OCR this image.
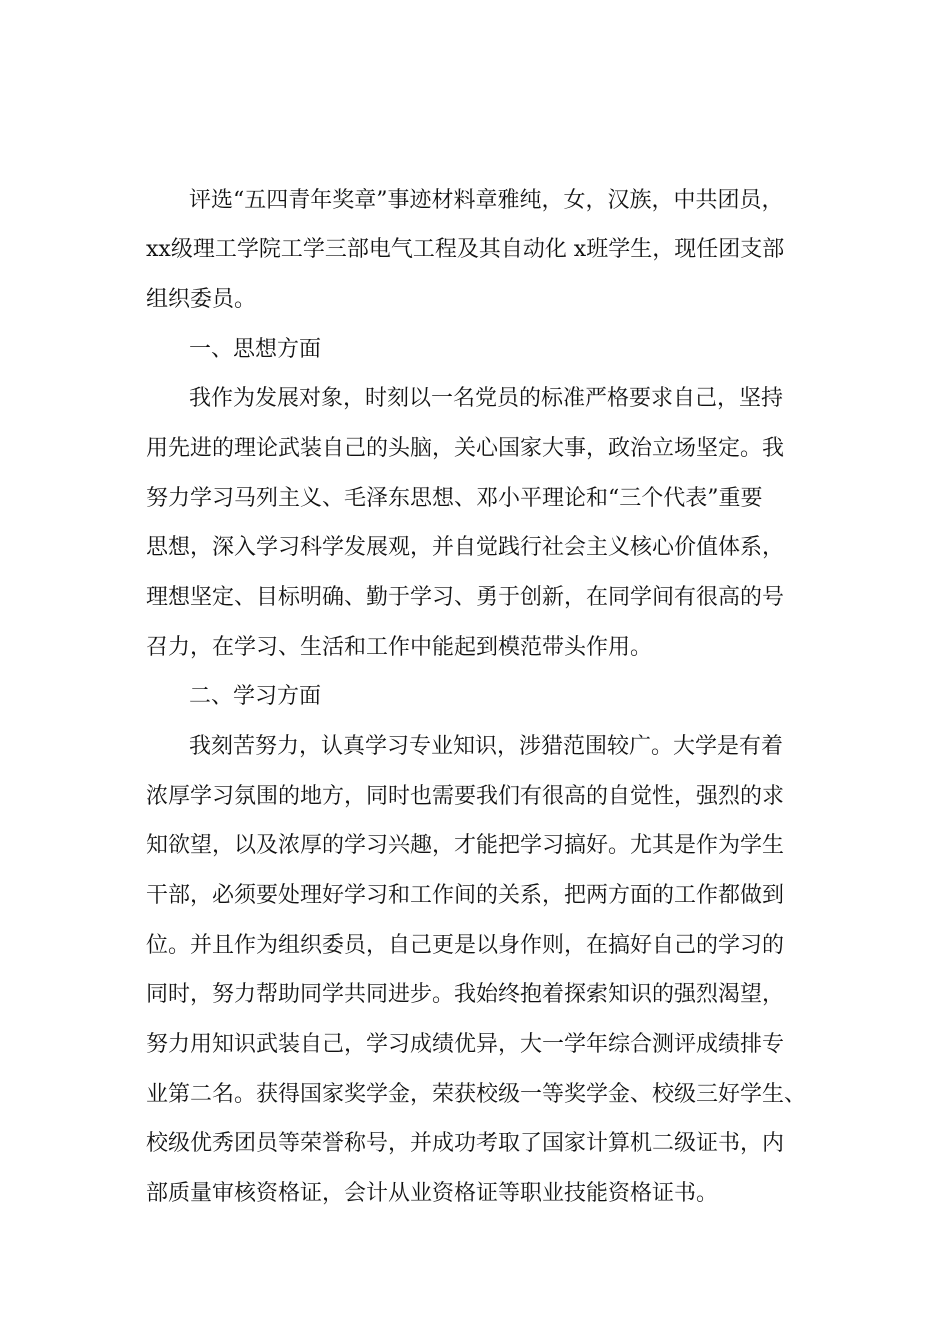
评选“五四青年奖章”事迹材料章雅纯，女，汉族，中共团员，
xx级理工学院工学三部电气工程及其自动化 x班学生，现任团支部
组织委员。
一、思想方面
我作为发展对象，时刻以一名党员的标准严格要求自己，坚持
用先进的理论武装自己的头脑，关心国家大事，政治立场坚定。我
努力学习马列主义、毛泽东思想、邓小平理论和“三个代表”重要
思想，深入学习科学发展观，并自觉践行社会主义核心价值体系，
理想坚定、目标明确、勤于学习、勇于创新，在同学间有很高的号
召力，在学习、生活和工作中能起到模范带头作用。
二、学习方面
我刻苦努力，认真学习专业知识，涉猎范围较广。大学是有着
浓厚学习氛围的地方，同时也需要我们有很高的自觉性，强烈的求
知欲望，以及浓厚的学习兴趣，才能把学习搞好。尤其是作为学生
干部，必须要处理好学习和工作间的关系，把两方面的工作都做到
位。并且作为组织委员，自己更是以身作则，在搞好自己的学习的
同时，努力帮助同学共同进步。我始终抱着探索知识的强烈渴望，
努力用知识武装自己，学习成绩优异，大一学年综合测评成绩排专
业第二名。获得国家奖学金，荣获校级一等奖学金、校级三好学生、
校级优秀团员等荣誉称号，并成功考取了国家计算机二级证书，内
部质量审核资格证，会计从业资格证等职业技能资格证书。
